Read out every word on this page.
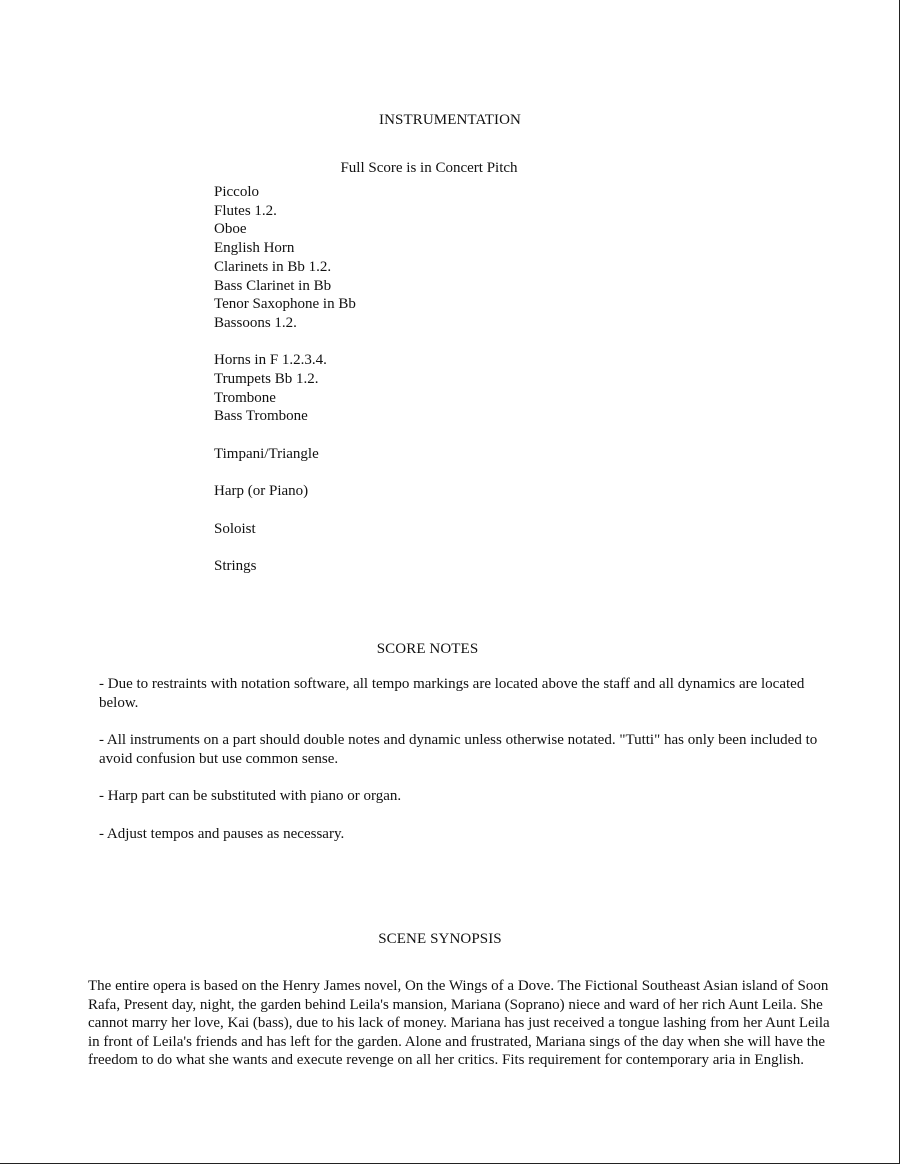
INSTRUMENTATION
Full Score is in Concert Pitch
Piccolo
Flutes 1.2.
Oboe
English Horn
Clarinets in Bb 1.2.
Bass Clarinet in Bb
Tenor Saxophone in Bb
Bassoons 1.2.
Horns in F 1.2.3.4.
Trumpets Bb 1.2.
Trombone
Bass Trombone
Timpani/Triangle
Harp (or Piano)
Soloist
Strings
SCORE NOTES

- Due to restraints with notation software, all tempo markings are located above the staff and all dynamics are located below.

- All instruments on a part should double notes and dynamic unless otherwise notated. "Tutti" has only been included to avoid confusion but use common sense.

- Harp part can be substituted with piano or organ.

- Adjust tempos and pauses as necessary.

SCENE SYNOPSIS

The entire opera is based on the Henry James novel, On the Wings of a Dove. The Fictional Southeast Asian island of Soon Rafa, Present day, night, the garden behind Leila's mansion, Mariana (Soprano) niece and ward of her rich Aunt Leila. She cannot marry her love, Kai (bass), due to his lack of money. Mariana has just received a tongue lashing from her Aunt Leila in front of Leila's friends and has left for the garden. Alone and frustrated, Mariana sings of the day when she will have the freedom to do what she wants and execute revenge on all her critics. Fits requirement for contemporary aria in English.
